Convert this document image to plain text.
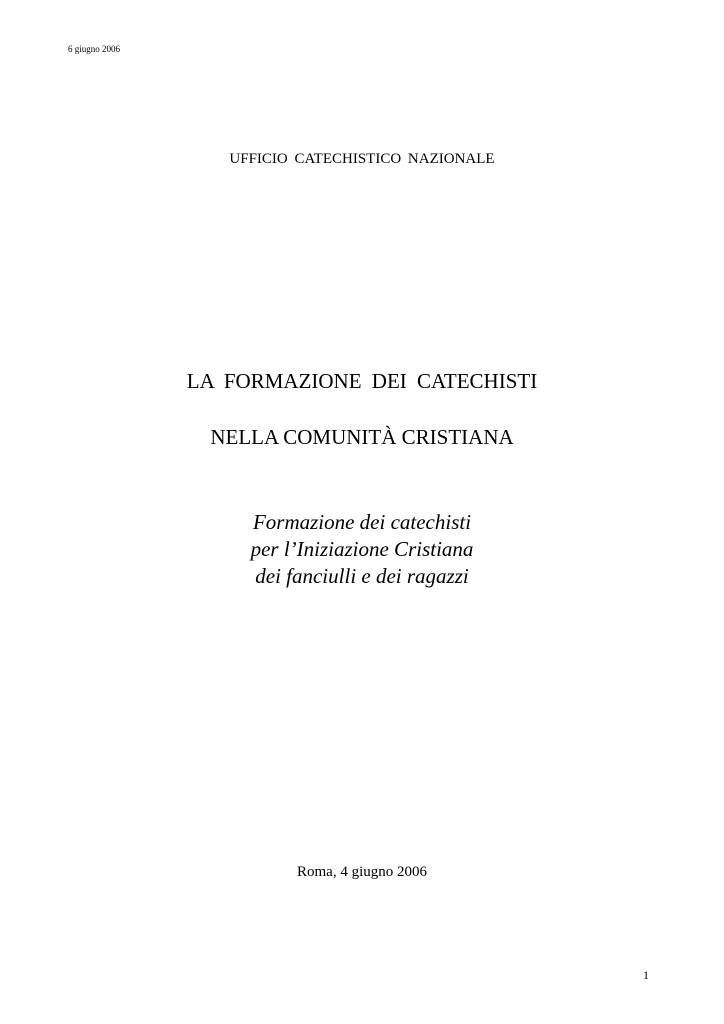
6 giugno 2006
UFFICIO CATECHISTICO NAZIONALE
LA FORMAZIONE DEI CATECHISTI
NELLA COMUNITÀ CRISTIANA
Formazione dei catechisti
per l’Iniziazione Cristiana
dei fanciulli e dei ragazzi
Roma, 4 giugno 2006
1
